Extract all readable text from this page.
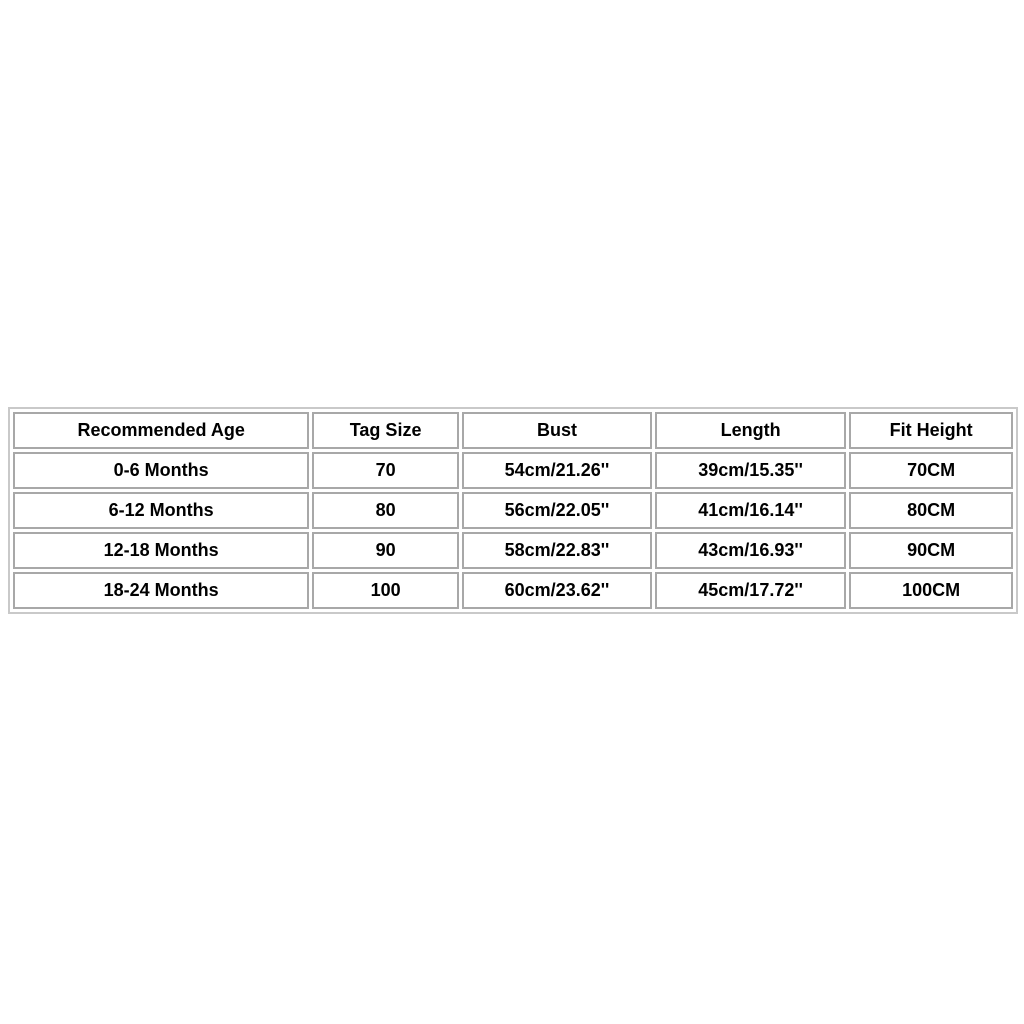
Recommended Age	Tag Size	Bust	Length	Fit Height
0-6 Months	70	54cm/21.26''	39cm/15.35''	70CM
6-12 Months	80	56cm/22.05''	41cm/16.14''	80CM
12-18 Months	90	58cm/22.83''	43cm/16.93''	90CM
18-24 Months	100	60cm/23.62''	45cm/17.72''	100CM
